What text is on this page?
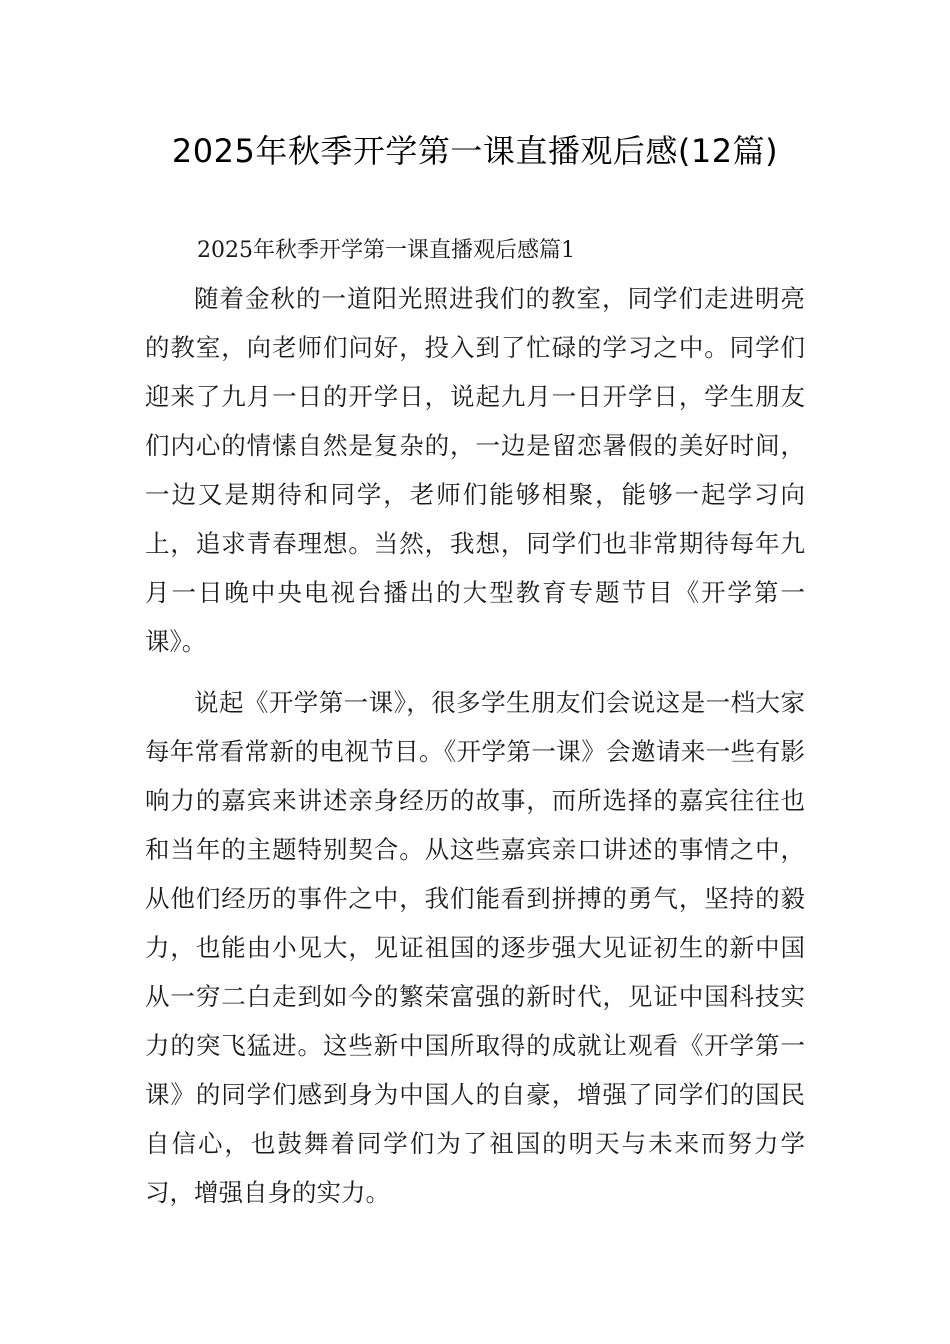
2025年秋季开学第一课直播观后感(12篇)

2025年秋季开学第一课直播观后感篇1

随着金秋的一道阳光照进我们的教室，同学们走进明亮的教室，向老师们问好，投入到了忙碌的学习之中。同学们迎来了九月一日的开学日，说起九月一日开学日，学生朋友们内心的情愫自然是复杂的，一边是留恋暑假的美好时间，一边又是期待和同学，老师们能够相聚，能够一起学习向上，追求青春理想。当然，我想，同学们也非常期待每年九月一日晚中央电视台播出的大型教育专题节目《开学第一课》。

说起《开学第一课》，很多学生朋友们会说这是一档大家每年常看常新的电视节目。《开学第一课》会邀请来一些有影响力的嘉宾来讲述亲身经历的故事，而所选择的嘉宾往往也和当年的主题特别契合。从这些嘉宾亲口讲述的事情之中，从他们经历的事件之中，我们能看到拼搏的勇气，坚持的毅力，也能由小见大，见证祖国的逐步强大见证初生的新中国从一穷二白走到如今的繁荣富强的新时代，见证中国科技实力的突飞猛进。这些新中国所取得的成就让观看《开学第一课》的同学们感到身为中国人的自豪，增强了同学们的国民自信心，也鼓舞着同学们为了祖国的明天与未来而努力学习，增强自身的实力。
